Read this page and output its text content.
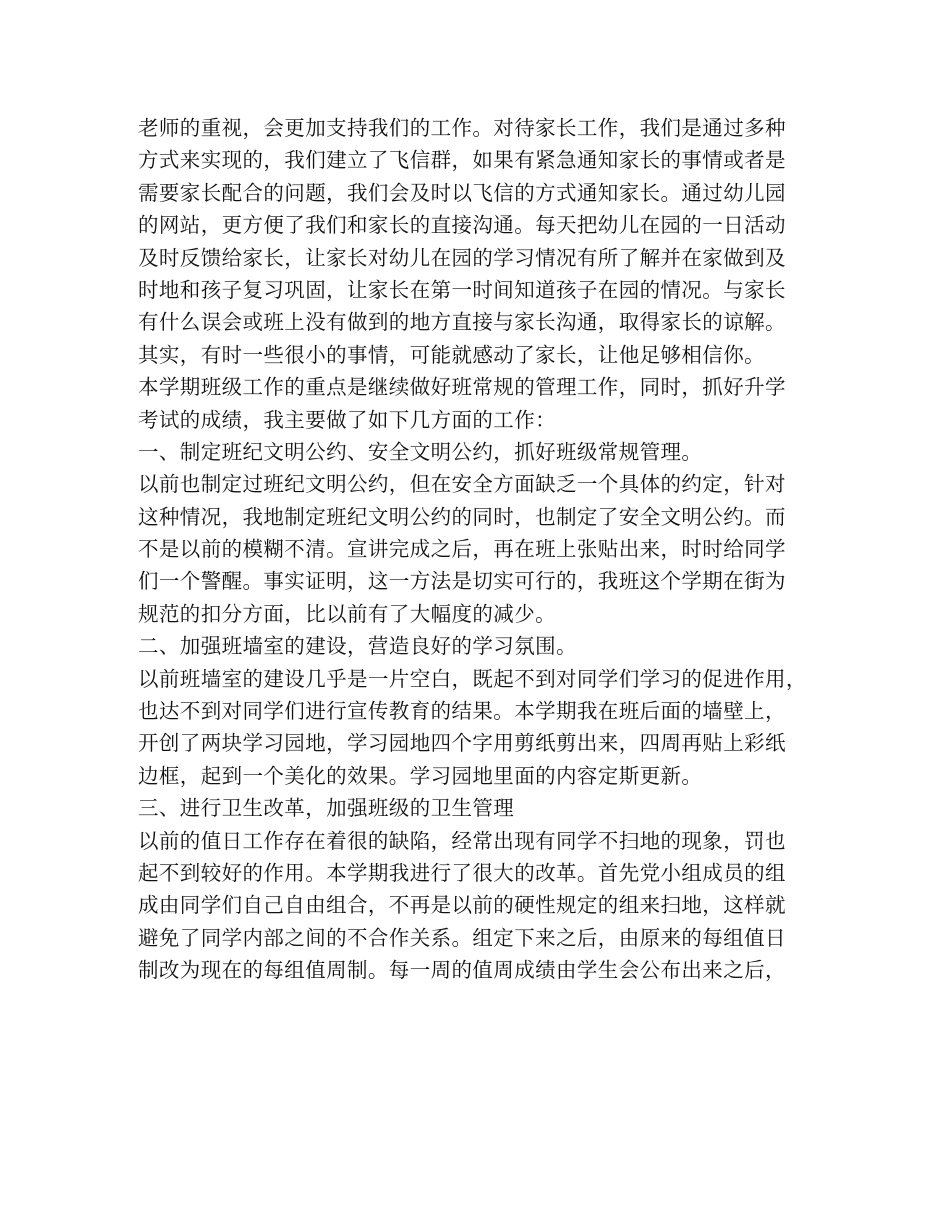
老师的重视，会更加支持我们的工作。对待家长工作，我们是通过多种
方式来实现的，我们建立了飞信群，如果有紧急通知家长的事情或者是
需要家长配合的问题，我们会及时以飞信的方式通知家长。通过幼儿园
的网站，更方便了我们和家长的直接沟通。每天把幼儿在园的一日活动
及时反馈给家长，让家长对幼儿在园的学习情况有所了解并在家做到及
时地和孩子复习巩固，让家长在第一时间知道孩子在园的情况。与家长
有什么误会或班上没有做到的地方直接与家长沟通，取得家长的谅解。
其实，有时一些很小的事情，可能就感动了家长，让他足够相信你。
本学期班级工作的重点是继续做好班常规的管理工作，同时，抓好升学
考试的成绩，我主要做了如下几方面的工作：
一、制定班纪文明公约、安全文明公约，抓好班级常规管理。
以前也制定过班纪文明公约，但在安全方面缺乏一个具体的约定，针对
这种情况，我地制定班纪文明公约的同时，也制定了安全文明公约。而
不是以前的模糊不清。宣讲完成之后，再在班上张贴出来，时时给同学
们一个警醒。事实证明，这一方法是切实可行的，我班这个学期在街为
规范的扣分方面，比以前有了大幅度的减少。
二、加强班墙室的建设，营造良好的学习氛围。
以前班墙室的建设几乎是一片空白，既起不到对同学们学习的促进作用，
也达不到对同学们进行宣传教育的结果。本学期我在班后面的墙壁上，
开创了两块学习园地，学习园地四个字用剪纸剪出来，四周再贴上彩纸
边框，起到一个美化的效果。学习园地里面的内容定斯更新。
三、进行卫生改革，加强班级的卫生管理
以前的值日工作存在着很的缺陷，经常出现有同学不扫地的现象，罚也
起不到较好的作用。本学期我进行了很大的改革。首先党小组成员的组
成由同学们自己自由组合，不再是以前的硬性规定的组来扫地，这样就
避免了同学内部之间的不合作关系。组定下来之后，由原来的每组值日
制改为现在的每组值周制。每一周的值周成绩由学生会公布出来之后，
